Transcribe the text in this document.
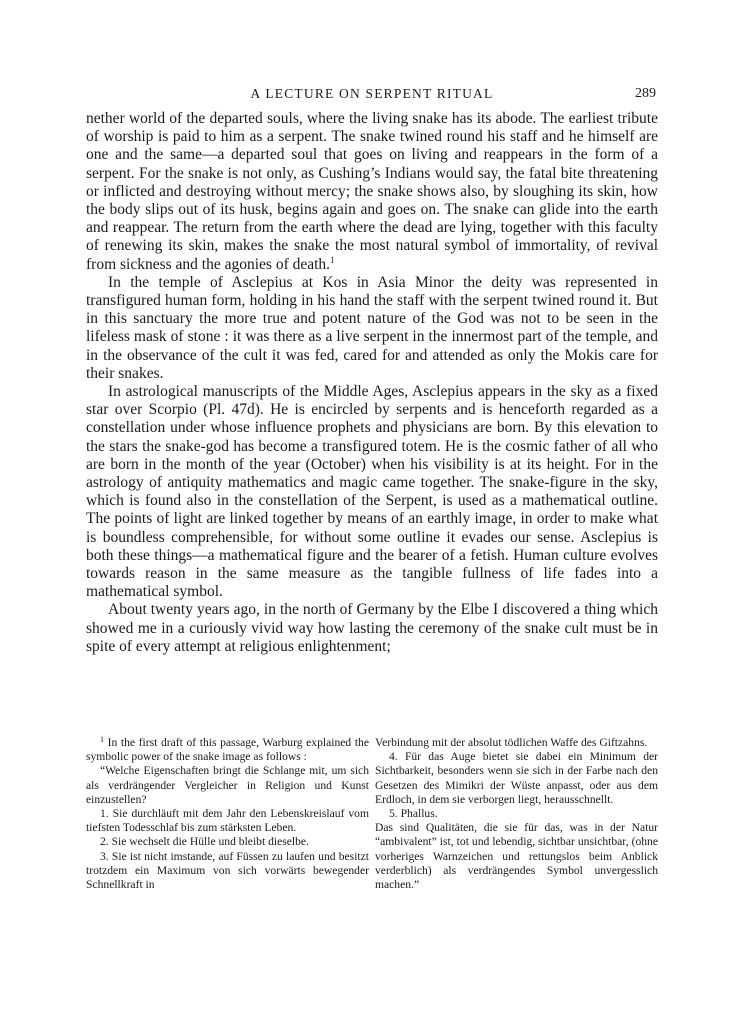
A LECTURE ON SERPENT RITUAL	289

nether world of the departed souls, where the living snake has its abode. The earliest tribute of worship is paid to him as a serpent. The snake twined round his staff and he himself are one and the same—a departed soul that goes on living and reappears in the form of a serpent. For the snake is not only, as Cushing’s Indians would say, the fatal bite threatening or inflicted and destroying without mercy; the snake shows also, by sloughing its skin, how the body slips out of its husk, begins again and goes on. The snake can glide into the earth and reappear. The return from the earth where the dead are lying, together with this faculty of renewing its skin, makes the snake the most natural symbol of immortality, of revival from sickness and the agonies of death.$^1$

In the temple of Asclepius at Kos in Asia Minor the deity was represented in transfigured human form, holding in his hand the staff with the serpent twined round it. But in this sanctuary the more true and potent nature of the God was not to be seen in the lifeless mask of stone : it was there as a live serpent in the innermost part of the temple, and in the observance of the cult it was fed, cared for and attended as only the Mokis care for their snakes.

In astrological manuscripts of the Middle Ages, Asclepius appears in the sky as a fixed star over Scorpio (Pl. 47d). He is encircled by serpents and is henceforth regarded as a constellation under whose influence prophets and physicians are born. By this elevation to the stars the snake-god has become a transfigured totem. He is the cosmic father of all who are born in the month of the year (October) when his visibility is at its height. For in the astrology of antiquity mathematics and magic came together. The snake-figure in the sky, which is found also in the constellation of the Serpent, is used as a mathematical outline. The points of light are linked together by means of an earthly image, in order to make what is boundless comprehensible, for without some outline it evades our sense. Asclepius is both these things—a mathematical figure and the bearer of a fetish. Human culture evolves towards reason in the same measure as the tangible fullness of life fades into a mathematical symbol.

About twenty years ago, in the north of Germany by the Elbe I discovered a thing which showed me in a curiously vivid way how lasting the ceremony of the snake cult must be in spite of every attempt at religious enlightenment;

$^1$ In the first draft of this passage, Warburg explained the symbolic power of the snake image as follows :

“Welche Eigenschaften bringt die Schlange mit, um sich als verdrängender Vergleicher in Religion und Kunst einzustellen?

1. Sie durchläuft mit dem Jahr den Lebenskreislauf vom tiefsten Todesschlaf bis zum stärksten Leben.

2. Sie wechselt die Hülle und bleibt dieselbe.

3. Sie ist nicht imstande, auf Füssen zu laufen und besitzt trotzdem ein Maximum von sich vorwärts bewegender Schnellkraft in

Verbindung mit der absolut tödlichen Waffe des Giftzahns.

4. Für das Auge bietet sie dabei ein Minimum der Sichtbarkeit, besonders wenn sie sich in der Farbe nach den Gesetzen des Mimikri der Wüste anpasst, oder aus dem Erdloch, in dem sie verborgen liegt, herausschnellt.

5. Phallus.

Das sind Qualitäten, die sie für das, was in der Natur “ambivalent” ist, tot und lebendig, sichtbar unsichtbar, (ohne vorheriges Warnzeichen und rettungslos beim Anblick verderblich) als verdrängendes Symbol unvergesslich machen.”
